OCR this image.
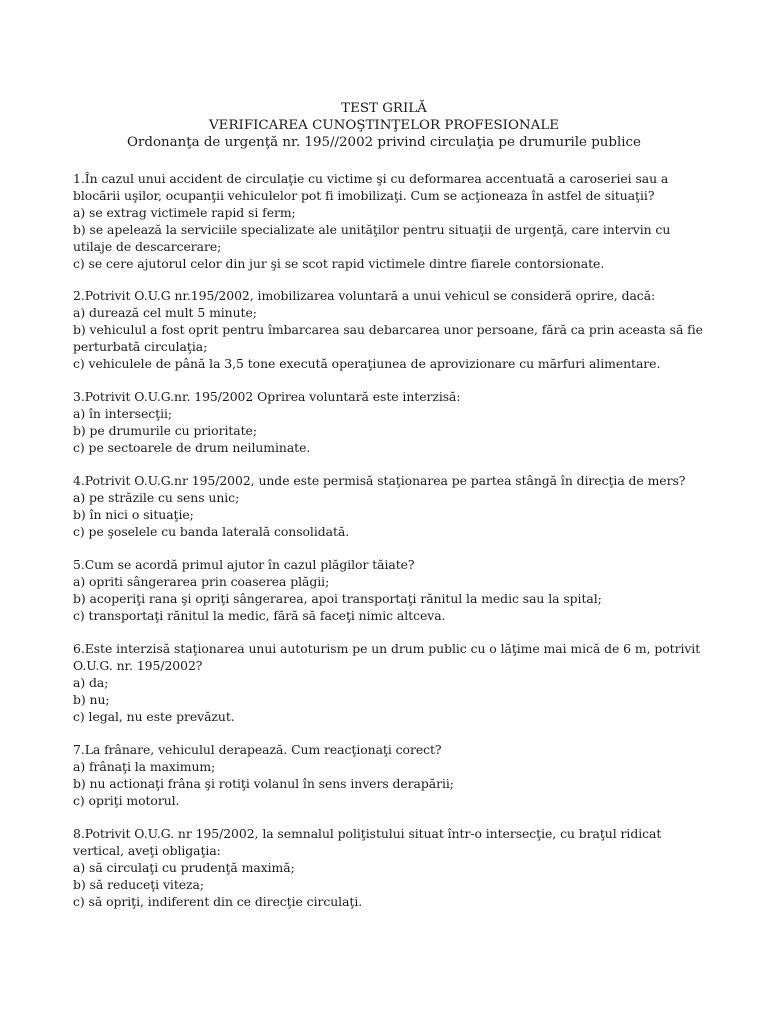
TEST GRILĂ
VERIFICAREA CUNOŞTINŢELOR PROFESIONALE
Ordonanţa de urgenţă nr. 195//2002 privind circulaţia pe drumurile publice
1.În cazul unui accident de circulaţie cu victime şi cu deformarea accentuată a caroseriei sau a
blocării uşilor, ocupanţii vehiculelor pot fi imobilizaţi. Cum se acţioneaza în astfel de situaţii?
a) se extrag victimele rapid si ferm;
b) se apelează la serviciile specializate ale unităţilor pentru situaţii de urgenţă, care intervin cu
utilaje de descarcerare;
c) se cere ajutorul celor din jur şi se scot rapid victimele dintre fiarele contorsionate.
2.Potrivit O.U.G nr.195/2002, imobilizarea voluntară a unui vehicul se consideră oprire, dacă:
a) durează cel mult 5 minute;
b) vehiculul a fost oprit pentru îmbarcarea sau debarcarea unor persoane, fără ca prin aceasta să fie
perturbată circulaţia;
c) vehiculele de până la 3,5 tone execută operaţiunea de aprovizionare cu mărfuri alimentare.
3.Potrivit O.U.G.nr. 195/2002 Oprirea voluntară este interzisă:
a) în intersecţii;
b) pe drumurile cu prioritate;
c) pe sectoarele de drum neiluminate.
4.Potrivit O.U.G.nr 195/2002, unde este permisă staţionarea pe partea stângă în direcţia de mers?
a) pe străzile cu sens unic;
b) în nici o situaţie;
c) pe şoselele cu banda laterală consolidată.
5.Cum se acordă primul ajutor în cazul plăgilor tăiate?
a) opriti sângerarea prin coaserea plăgii;
b) acoperiţi rana şi opriţi sângerarea, apoi transportaţi rănitul la medic sau la spital;
c) transportaţi rănitul la medic, fără să faceţi nimic altceva.
6.Este interzisă staţionarea unui autoturism pe un drum public cu o lăţime mai mică de 6 m, potrivit
O.U.G. nr. 195/2002?
a) da;
b) nu;
c) legal, nu este prevăzut.
7.La frânare, vehiculul derapează. Cum reacţionaţi corect?
a) frânaţi la maximum;
b) nu actionaţi frâna şi rotiţi volanul în sens invers derapării;
c) opriţi motorul.
8.Potrivit O.U.G. nr 195/2002, la semnalul poliţistului situat într-o intersecţie, cu braţul ridicat
vertical, aveţi obligaţia:
a) să circulaţi cu prudenţă maximă;
b) să reduceţi viteza;
c) să opriţi, indiferent din ce direcţie circulaţi.
